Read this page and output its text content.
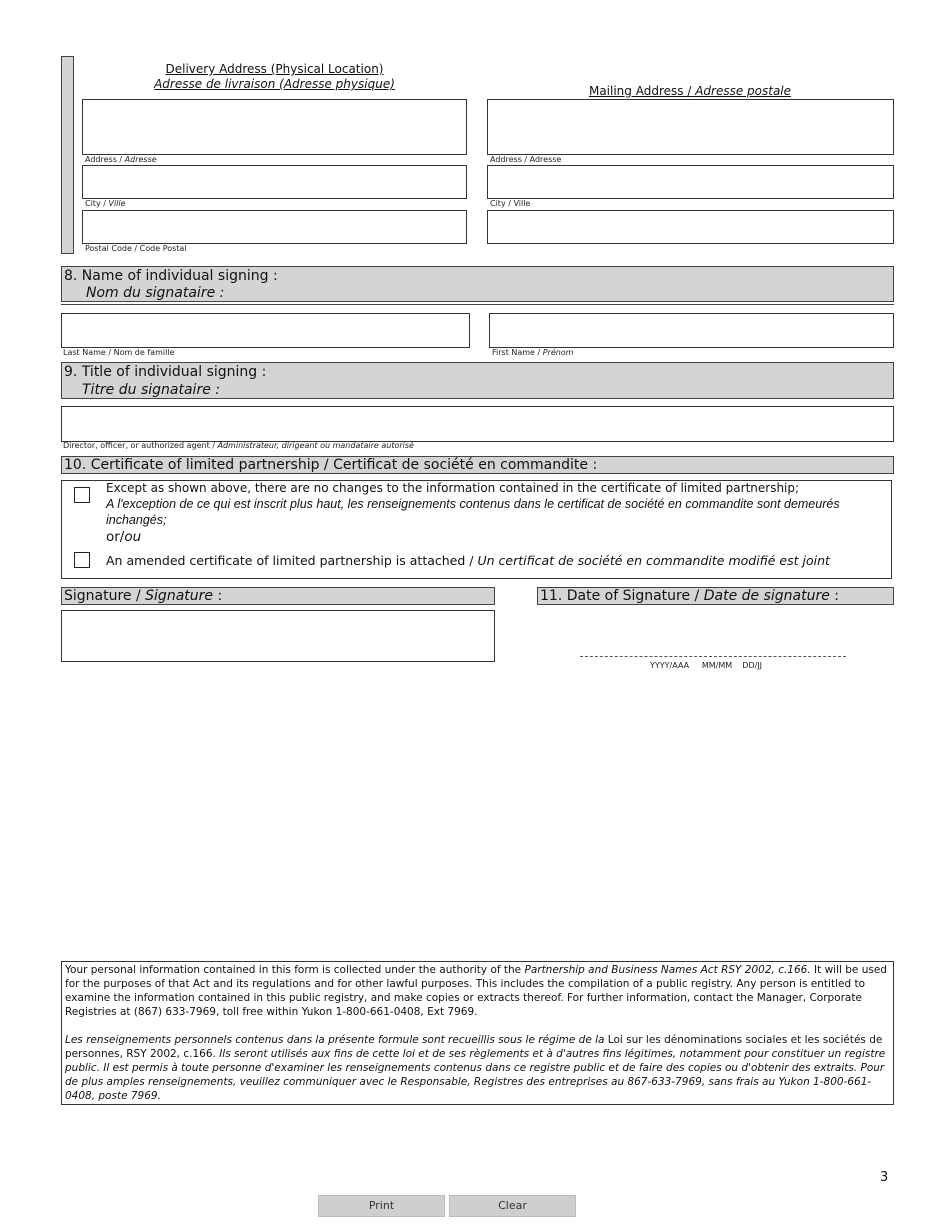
Delivery Address (Physical Location)
Adresse de livraison (Adresse physique)	Mailing Address / Adresse postale
Address / Adresse
City / Ville
Postal Code / Code Postal
Address / Adresse
City / Ville
8. Name of individual signing :
Nom du signataire :
Last Name / Nom de famille	First Name / Prénom
9. Title of individual signing :
Titre du signataire :
Director, officer, or authorized agent / Administrateur, dirigeant ou mandataire autorisé
10. Certificate of limited partnership / Certificat de société en commandite :
Except as shown above, there are no changes to the information contained in the certificate of limited partnership;
A l'exception de ce qui est inscrit plus haut, les renseignements contenus dans le certificat de société en commandite sont demeurés inchangés;
or/ou
An amended certificate of limited partnership is attached / Un certificat de société en commandite modifié est joint
Signature / Signature :	11. Date of Signature / Date de signature :
YYYY/AAA     MM/MM    DD/JJ
Your personal information contained in this form is collected under the authority of the Partnership and Business Names Act RSY 2002, c.166. It will be used for the purposes of that Act and its regulations and for other lawful purposes. This includes the compilation of a public registry. Any person is entitled to examine the information contained in this public registry, and make copies or extracts thereof. For further information, contact the Manager, Corporate Registries at (867) 633-7969, toll free within Yukon 1-800-661-0408, Ext 7969.
Les renseignements personnels contenus dans la présente formule sont recueillis sous le régime de la Loi sur les dénominations sociales et les sociétés de personnes, RSY 2002, c.166. Ils seront utilisés aux fins de cette loi et de ses règlements et à d'autres fins légitimes, notamment pour constituer un registre public. Il est permis à toute personne d'examiner les renseignements contenus dans ce registre public et de faire des copies ou d'obtenir des extraits. Pour de plus amples renseignements, veuillez communiquer avec le Responsable, Registres des entreprises au 867-633-7969, sans frais au Yukon 1-800-661-0408, poste 7969.
3
Print	Clear
